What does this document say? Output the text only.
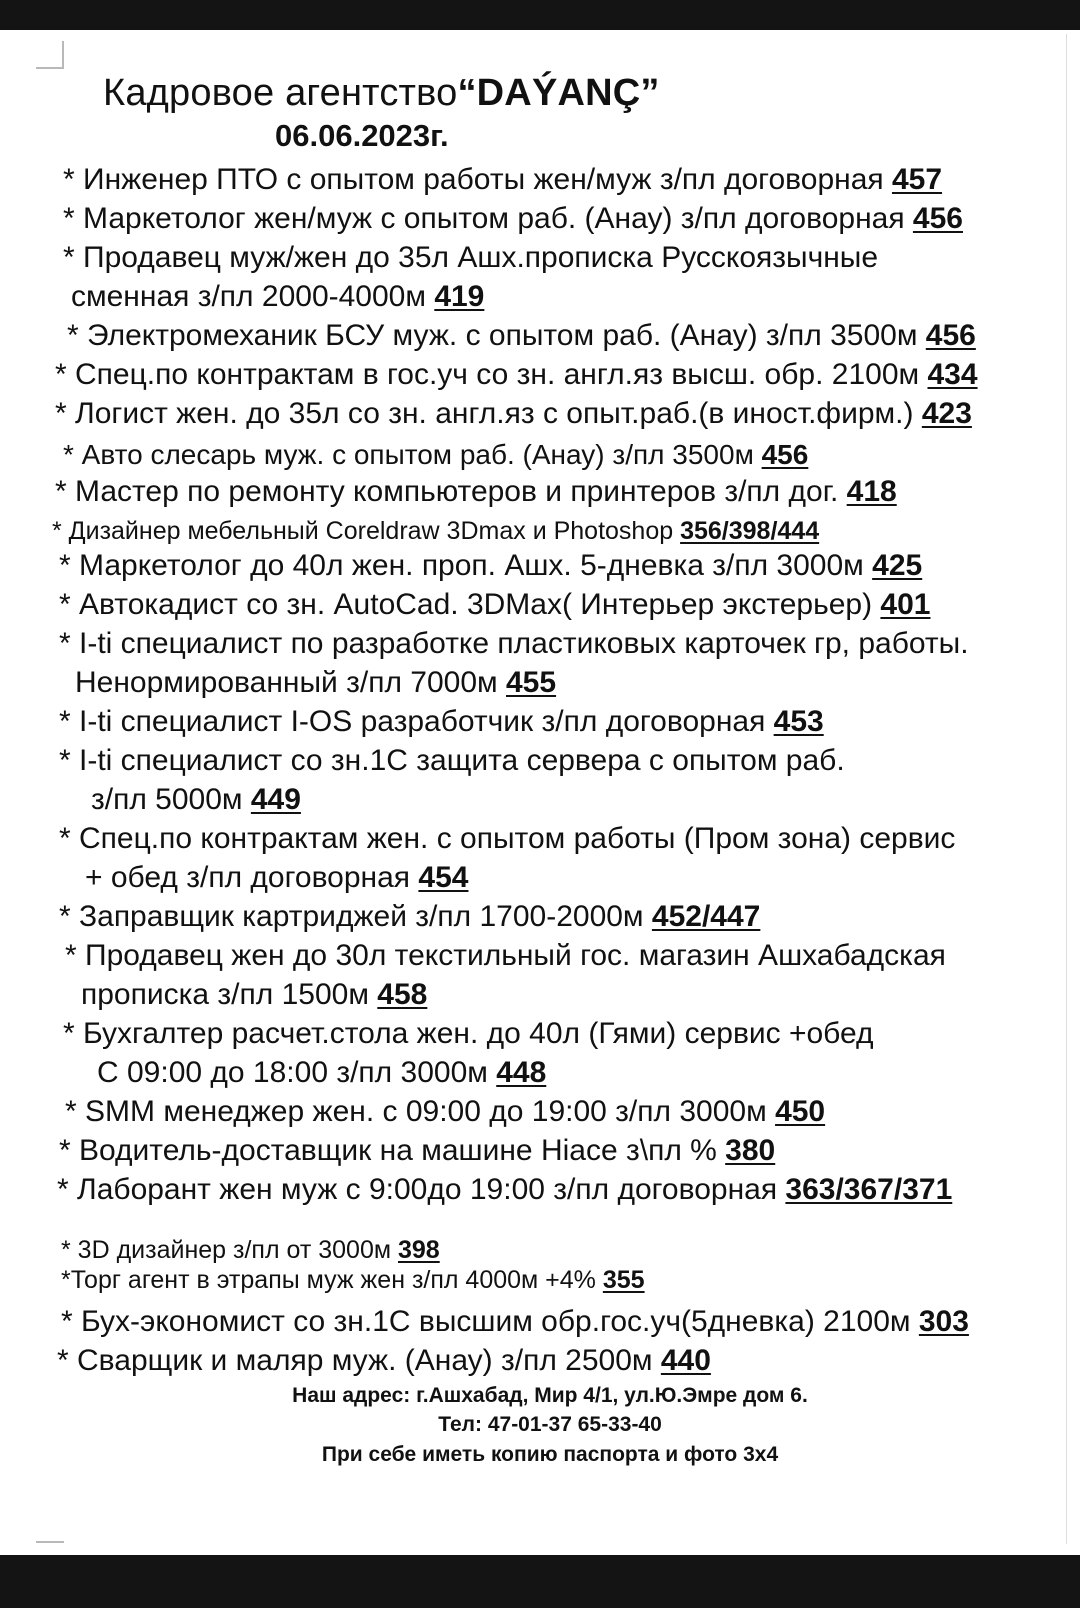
Кадровое агентство“DAÝANÇ”
06.06.2023г.
* Инженер ПТО с опытом работы жен/муж з/пл договорная 457
* Маркетолог жен/муж с опытом раб. (Анау) з/пл договорная 456
* Продавец муж/жен до 35л Ашх.прописка Русскоязычные
сменная з/пл 2000-4000м 419
* Электромеханик БСУ муж. с опытом раб. (Анау) з/пл 3500м 456
* Спец.по контрактам в гос.уч со зн. англ.яз высш. обр. 2100м 434
* Логист жен. до 35л со зн. англ.яз с опыт.раб.(в иност.фирм.) 423
* Авто слесарь муж. с опытом раб. (Анау) з/пл 3500м 456
* Мастер по ремонту компьютеров и принтеров з/пл дог. 418
* Дизайнер мебельный Coreldraw 3Dmax и Photoshop 356/398/444
* Маркетолог до 40л жен. проп. Ашх. 5-дневка з/пл 3000м 425
* Автокадист со зн. AutoCad. 3DMax( Интерьер экстерьер) 401
* I-ti специалист по разработке пластиковых карточек гр, работы.
Ненормированный з/пл 7000м 455
* I-ti специалист I-OS разработчик з/пл договорная 453
* I-ti специалист со зн.1С защита сервера с опытом раб.
з/пл 5000м 449
* Спец.по контрактам жен. с опытом работы (Пром зона) сервис
+ обед з/пл договорная 454
* Заправщик картриджей з/пл 1700-2000м 452/447
* Продавец жен до 30л текстильный гос. магазин Ашхабадская
прописка з/пл 1500м 458
* Бухгалтер расчет.стола жен. до 40л (Гями) сервис +обед
С 09:00 до 18:00 з/пл 3000м 448
* SMM менеджер жен. с 09:00 до 19:00 з/пл 3000м 450
* Водитель-доставщик на машине Hiace з\пл % 380
* Лаборант жен муж с 9:00до 19:00 з/пл договорная 363/367/371
* 3D дизайнер з/пл от 3000м 398
*Торг агент в этрапы муж жен з/пл 4000м +4% 355
* Бух-экономист со зн.1С высшим обр.гос.уч(5дневка) 2100м 303
* Сварщик и маляр муж. (Анау) з/пл 2500м 440
Наш адрес: г.Ашхабад, Мир 4/1, ул.Ю.Эмре дом 6.
Тел: 47-01-37 65-33-40
При себе иметь копию паспорта и фото 3х4
